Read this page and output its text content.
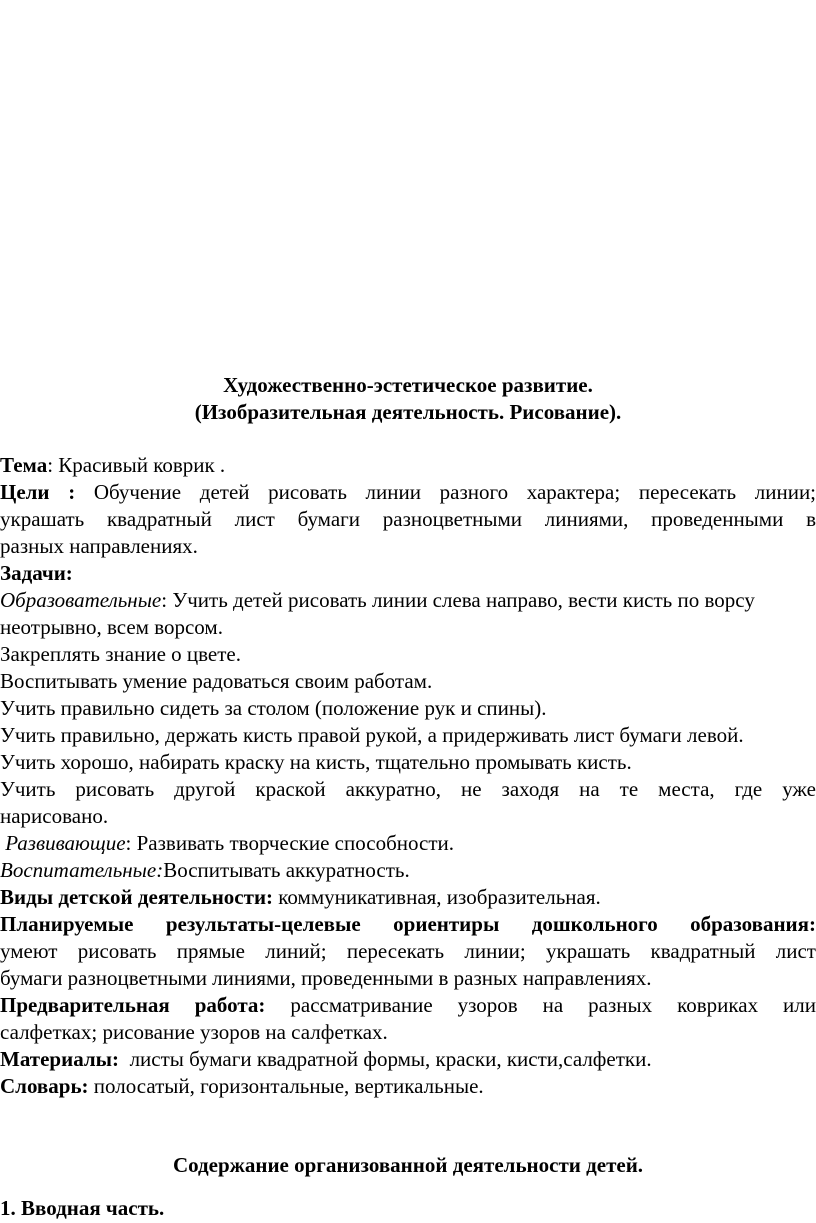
Художественно-эстетическое развитие.
(Изобразительная деятельность. Рисование).
Тема: Красивый коврик .
Цели : Обучение детей рисовать линии разного характера; пересекать линии;
украшать квадратный лист бумаги разноцветными линиями, проведенными в
разных направлениях.
Задачи:
Образовательные: Учить детей рисовать линии слева направо, вести кисть по ворсу
неотрывно, всем ворсом.
Закреплять знание о цвете.
Воспитывать умение радоваться своим работам.
Учить правильно сидеть за столом (положение рук и спины).
Учить правильно, держать кисть правой рукой, а придерживать лист бумаги левой.
Учить хорошо, набирать краску на кисть, тщательно промывать кисть.
Учить рисовать другой краской аккуратно, не заходя на те места, где уже
нарисовано.
Развивающие: Развивать творческие способности.
Воспитательные:Воспитывать аккуратность.
Виды детской деятельности: коммуникативная, изобразительная.
Планируемые результаты-целевые ориентиры дошкольного образования:
умеют рисовать прямые линий; пересекать линии; украшать квадратный лист
бумаги разноцветными линиями, проведенными в разных направлениях.
Предварительная работа: рассматривание узоров на разных ковриках или
салфетках; рисование узоров на салфетках.
Материалы:  листы бумаги квадратной формы, краски, кисти,салфетки.
Словарь: полосатый, горизонтальные, вертикальные.
Содержание организованной деятельности детей.
1. Вводная часть.
